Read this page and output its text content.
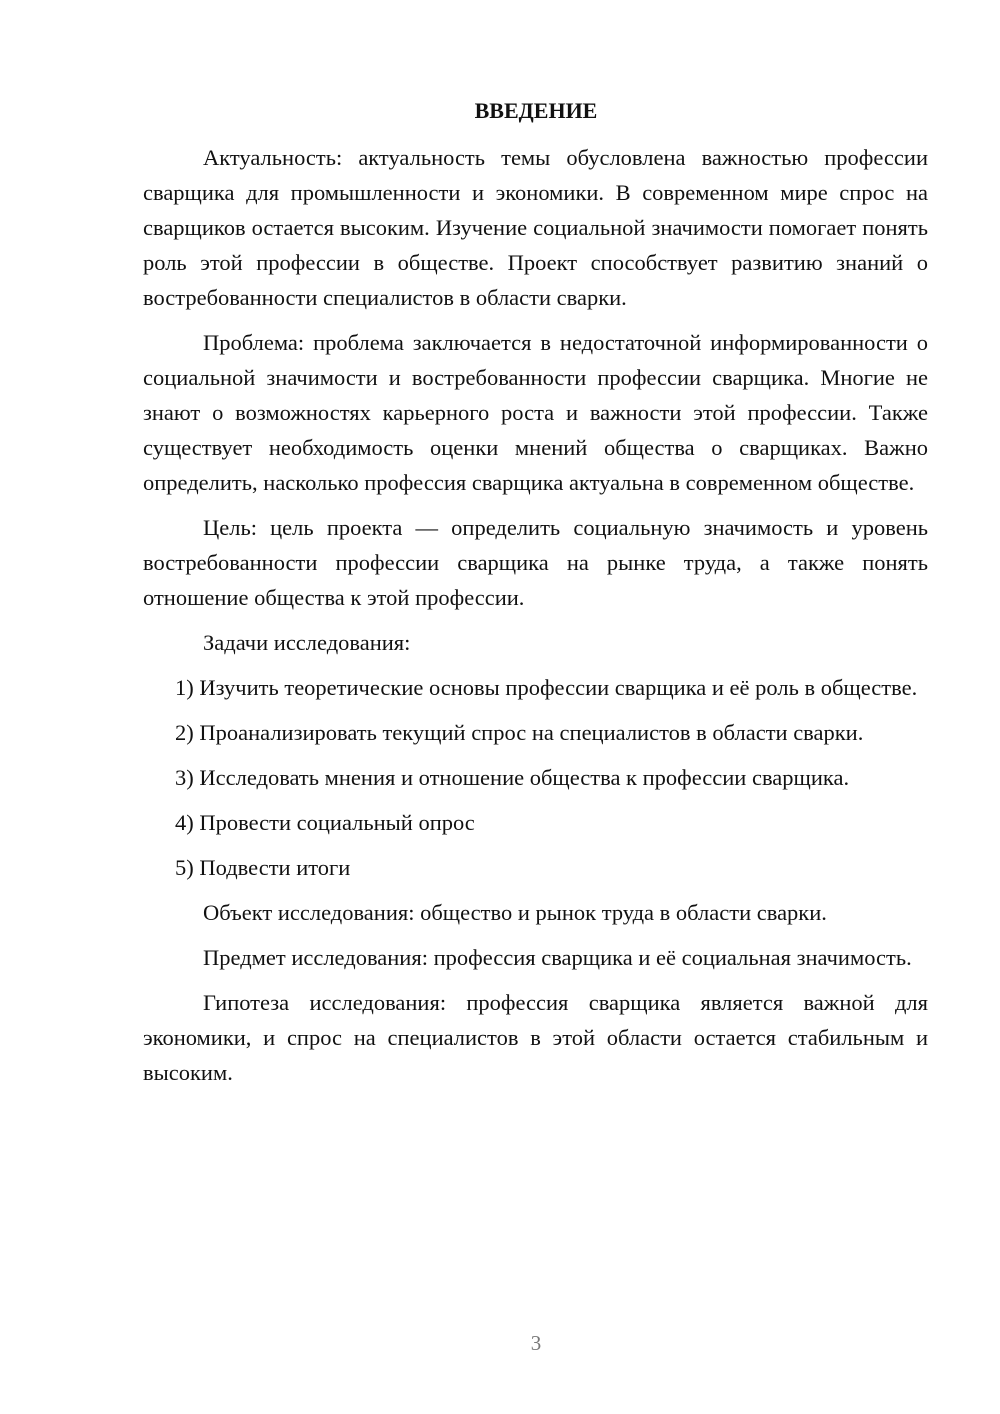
ВВЕДЕНИЕ

Актуальность: актуальность темы обусловлена важностью профессии сварщика для промышленности и экономики. В современном мире спрос на сварщиков остается высоким. Изучение социальной значимости помогает понять роль этой профессии в обществе. Проект способствует развитию знаний о востребованности специалистов в области сварки.

Проблема: проблема заключается в недостаточной информированности о социальной значимости и востребованности профессии сварщика. Многие не знают о возможностях карьерного роста и важности этой профессии. Также существует необходимость оценки мнений общества о сварщиках. Важно определить, насколько профессия сварщика актуальна в современном обществе.

Цель: цель проекта — определить социальную значимость и уровень востребованности профессии сварщика на рынке труда, а также понять отношение общества к этой профессии.

Задачи исследования:

1) Изучить теоретические основы профессии сварщика и её роль в обществе.

2) Проанализировать текущий спрос на специалистов в области сварки.

3) Исследовать мнения и отношение общества к профессии сварщика.

4) Провести социальный опрос

5) Подвести итоги

Объект исследования: общество и рынок труда в области сварки.

Предмет исследования: профессия сварщика и её социальная значимость.

Гипотеза исследования: профессия сварщика является важной для экономики, и спрос на специалистов в этой области остается стабильным и высоким.

3
